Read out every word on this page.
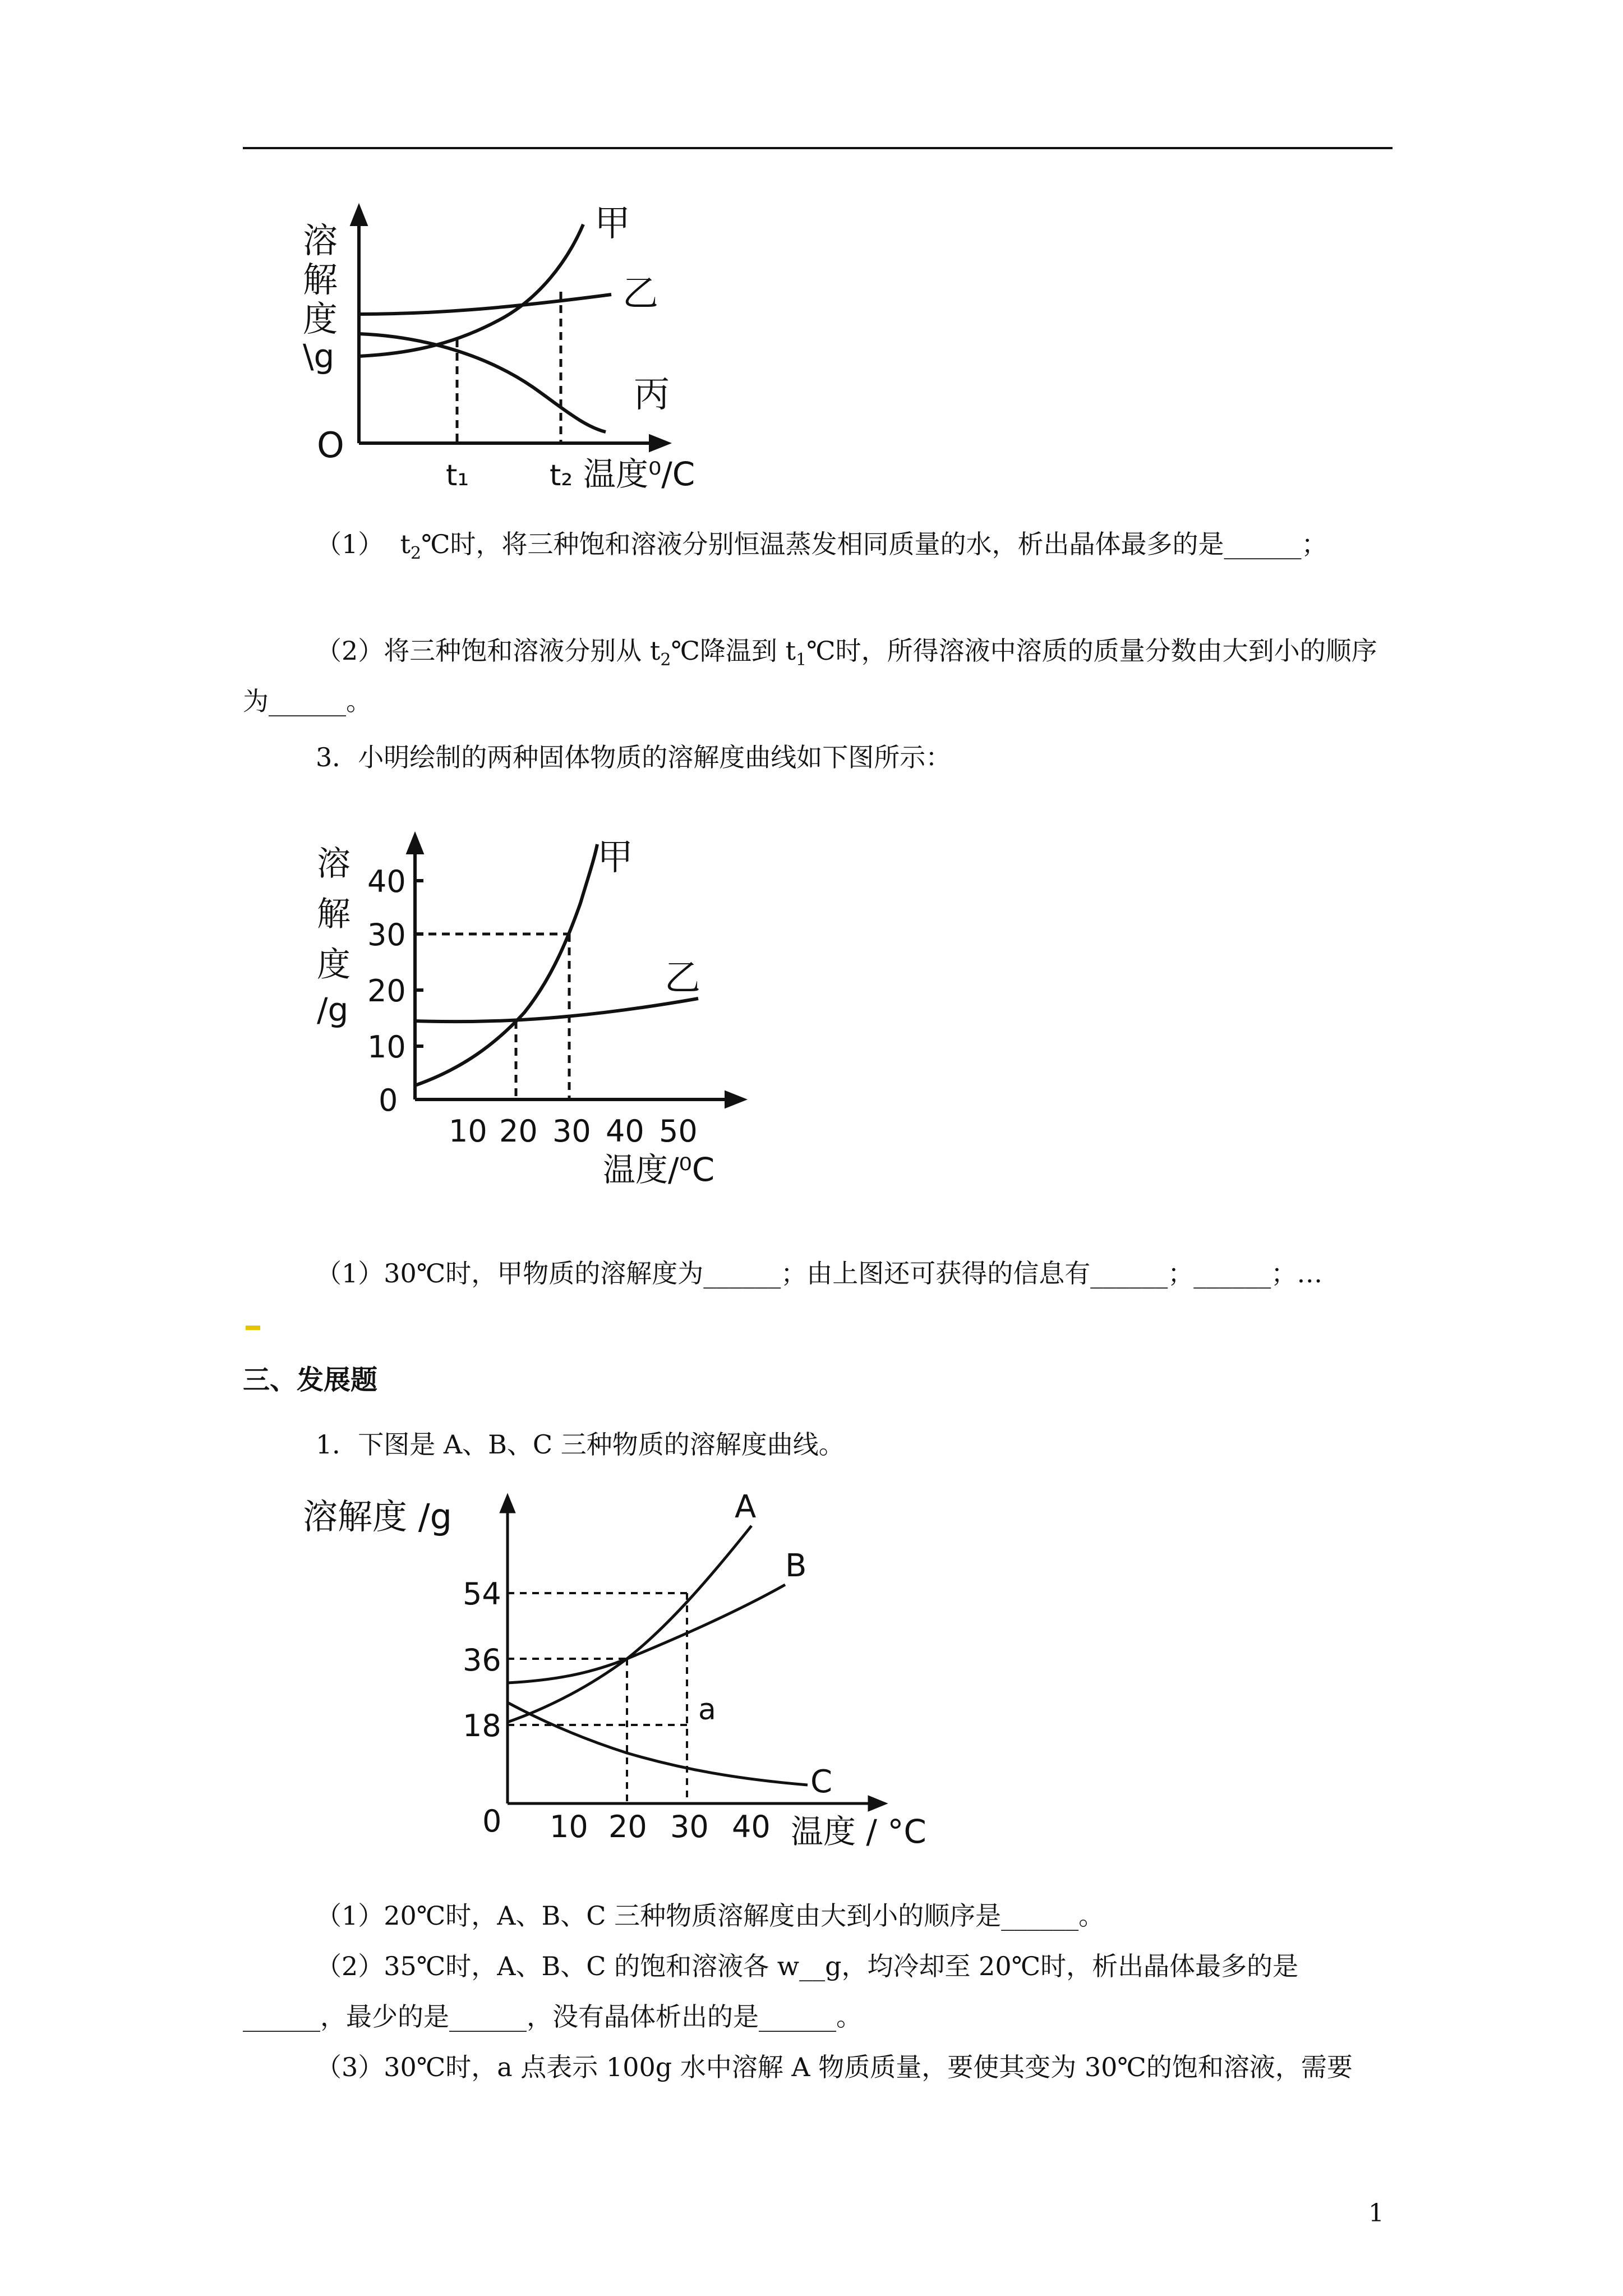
溶
解
度
\g
O
t₁	t₂ 温度⁰/C
甲
乙
丙

（1）  $t_2℃$时，将三种饱和溶液分别恒温蒸发相同质量的水，析出晶体最多的是______；

（2）将三种饱和溶液分别从 $t_2℃$降温到 $t_1℃$时，所得溶液中溶质的质量分数由大到小的顺序为______。

3．小明绘制的两种固体物质的溶解度曲线如下图所示：

溶
解
度
/g
0
10
20
30
40
10 20 30 40 50
温度/⁰C
甲
乙

（1）30℃时，甲物质的溶解度为______；由上图还可获得的信息有______；______；…

三、发展题

1．下图是 A、B、C 三种物质的溶解度曲线。

溶解度 /g
54
36
18
0 10 20 30 40 温度 / °C
A
B
C
a

（1）20℃时，A、B、C 三种物质溶解度由大到小的顺序是______。

（2）35℃时，A、B、C 的饱和溶液各 w__g，均冷却至 20℃时，析出晶体最多的是______，最少的是______，没有晶体析出的是______。

（3）30℃时，a 点表示 100g 水中溶解 A 物质质量，要使其变为 30℃的饱和溶液，需要

1
